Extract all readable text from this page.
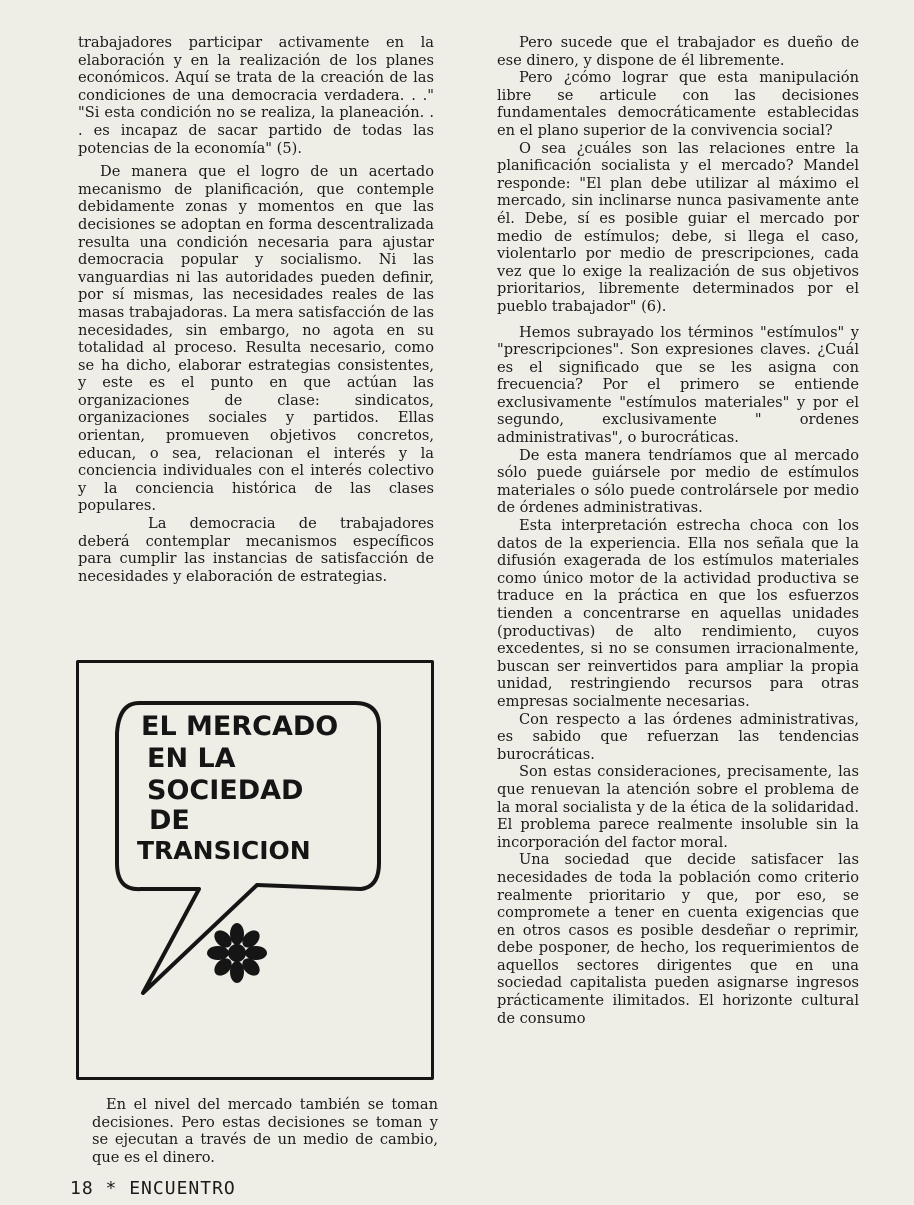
trabajadores participar activamente en la elaboración y en la realización de los planes económicos. Aquí se trata de la creación de las condiciones de una democracia verdadera. . ." "Si esta condición no se realiza, la planeación. . . es incapaz de sacar partido de todas las potencias de la economía" (5).

De manera que el logro de un acertado mecanismo de planificación, que contemple debidamente zonas y momentos en que las decisiones se adoptan en forma descentralizada resulta una condición necesaria para ajustar democracia popular y socialismo. Ni las vanguardias ni las autoridades pueden definir, por sí mismas, las necesidades reales de las masas trabajadoras. La mera satisfacción de las necesidades, sin embargo, no agota en su totalidad al proceso. Resulta necesario, como se ha dicho, elaborar estrategias consistentes, y este es el punto en que actúan las organizaciones de clase: sindicatos, organizaciones sociales y partidos. Ellas orientan, promueven objetivos concretos, educan, o sea, relacionan el interés y la conciencia individuales con el interés colectivo y la conciencia histórica de las clases populares.

La democracia de trabajadores deberá contemplar mecanismos específicos para cumplir las instancias de satisfacción de necesidades y elaboración de estrategias.

EL MERCADO
EN LA
SOCIEDAD
DE
TRANSICION

En el nivel del mercado también se toman decisiones. Pero estas decisiones se toman y se ejecutan a través de un medio de cambio, que es el dinero.

Pero sucede que el trabajador es dueño de ese dinero, y dispone de él libremente.

Pero ¿cómo lograr que esta manipulación libre se articule con las decisiones fundamentales democráticamente establecidas en el plano superior de la convivencia social?

O sea ¿cuáles son las relaciones entre la planificación socialista y el mercado? Mandel responde: "El plan debe utilizar al máximo el mercado, sin inclinarse nunca pasivamente ante él. Debe, sí es posible guiar el mercado por medio de estímulos; debe, si llega el caso, violentarlo por medio de prescripciones, cada vez que lo exige la realización de sus objetivos prioritarios, libremente determinados por el pueblo trabajador" (6).

Hemos subrayado los términos "estímulos" y "prescripciones". Son expresiones claves. ¿Cuál es el significado que se les asigna con frecuencia? Por el primero se entiende exclusivamente "estímulos materiales" y por el segundo, exclusivamente " ordenes administrativas", o burocráticas.

De esta manera tendríamos que al mercado sólo puede guiársele por medio de estímulos materiales o sólo puede controlársele por medio de órdenes administrativas.

Esta interpretación estrecha choca con los datos de la experiencia. Ella nos señala que la difusión exagerada de los estímulos materiales como único motor de la actividad productiva se traduce en la práctica en que los esfuerzos tienden a concentrarse en aquellas unidades (productivas) de alto rendimiento, cuyos excedentes, si no se consumen irracionalmente, buscan ser reinvertidos para ampliar la propia unidad, restringiendo recursos para otras empresas socialmente necesarias.

Con respecto a las órdenes administrativas, es sabido que refuerzan las tendencias burocráticas.

Son estas consideraciones, precisamente, las que renuevan la atención sobre el problema de la moral socialista y de la ética de la solidaridad. El problema parece realmente insoluble sin la incorporación del factor moral.

Una sociedad que decide satisfacer las necesidades de toda la población como criterio realmente prioritario y que, por eso, se compromete a tener en cuenta exigencias que en otros casos es posible desdeñar o reprimir, debe posponer, de hecho, los requerimientos de aquellos sectores dirigentes que en una sociedad capitalista pueden asignarse ingresos prácticamente ilimitados. El horizonte cultural de consumo

18 * ENCUENTRO
